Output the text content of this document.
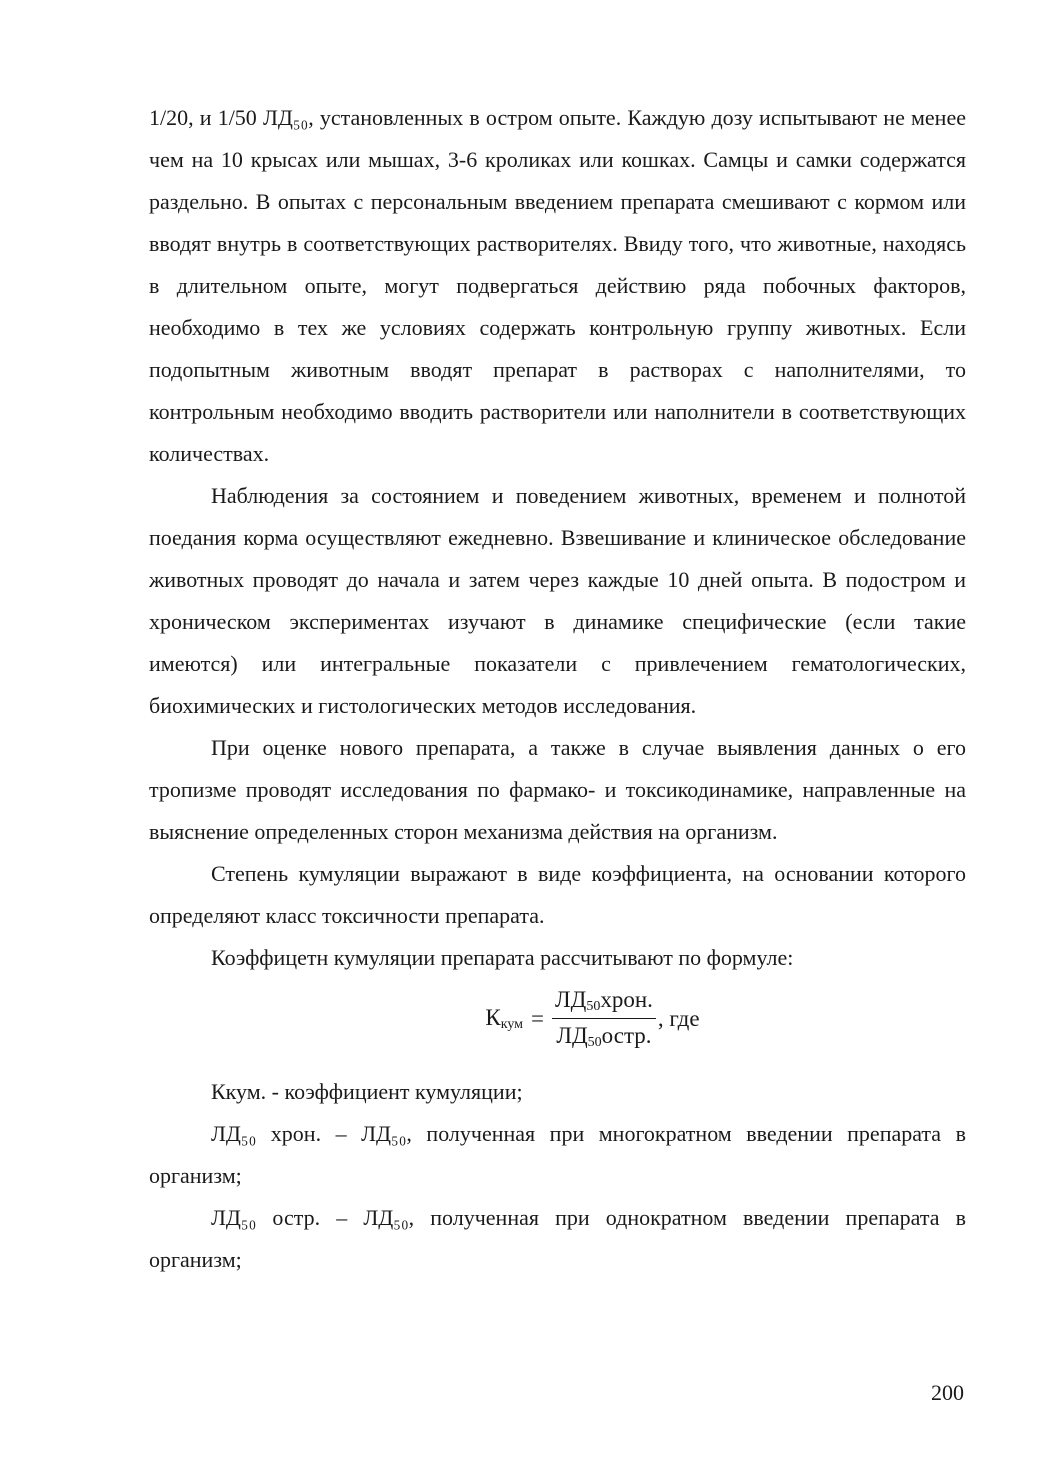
1/20, и 1/50 ЛД₅₀, установленных в остром опыте. Каждую дозу испытывают не менее чем на 10 крысах или мышах, 3-6 кроликах или кошках. Самцы и самки содержатся раздельно. В опытах с персональным введением препарата смешивают с кормом или вводят внутрь в соответствующих растворителях. Ввиду того, что животные, находясь в длительном опыте, могут подвергаться действию ряда побочных факторов, необходимо в тех же условиях содержать контрольную группу животных. Если подопытным животным вводят препарат в растворах с наполнителями, то контрольным необходимо вводить растворители или наполнители в соответствующих количествах.

Наблюдения за состоянием и поведением животных, временем и полнотой поедания корма осуществляют ежедневно. Взвешивание и клиническое обследование животных проводят до начала и затем через каждые 10 дней опыта. В подостром и хроническом экспериментах изучают в динамике специфические (если такие имеются) или интегральные показатели с привлечением гематологических, биохимических и гистологических методов исследования.

При оценке нового препарата, а также в случае выявления данных о его тропизме проводят исследования по фармако- и токсикодинамике, направленные на выяснение определенных сторон механизма действия на организм.

Степень кумуляции выражают в виде коэффициента, на основании которого определяют класс токсичности препарата.

Коэффицетн кумуляции препарата рассчитывают по формуле:

$К_{кум} = \frac{ЛД_{50}хрон.}{ЛД_{50}остр.}$ , где

Ккум. - коэффициент кумуляции;

ЛД₅₀ хрон. – ЛД₅₀, полученная при многократном введении препарата в организм;

ЛД₅₀ остр. – ЛД₅₀, полученная при однократном введении препарата в организм;

200
